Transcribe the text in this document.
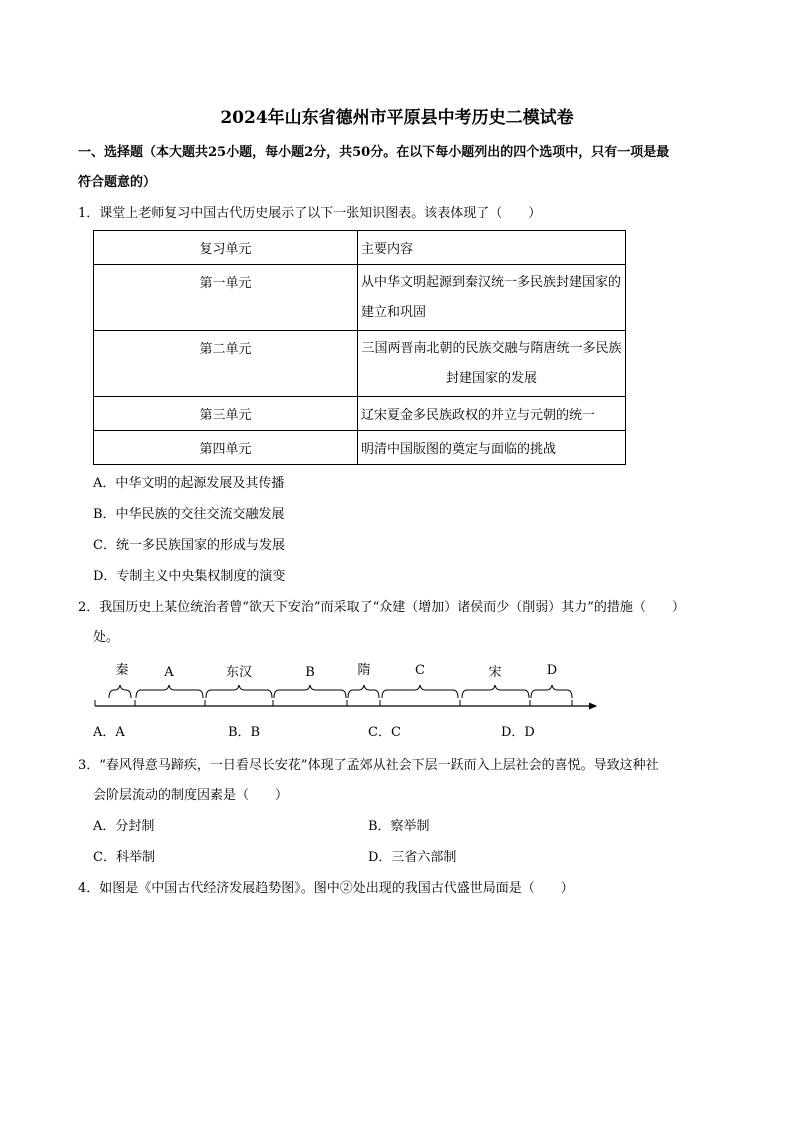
2024年山东省德州市平原县中考历史二模试卷
一、选择题（本大题共25小题，每小题2分，共50分。在以下每小题列出的四个选项中，只有一项是最
符合题意的）
1．课堂上老师复习中国古代历史展示了以下一张知识图表。该表体现了（　　）
复习单元	主要内容
第一单元	从中华文明起源到秦汉统一多民族封建国家的建立和巩固
第二单元	三国两晋南北朝的民族交融与隋唐统一多民族封建国家的发展
第三单元	辽宋夏金多民族政权的并立与元朝的统一
第四单元	明清中国版图的奠定与面临的挑战
A．中华文明的起源发展及其传播
B．中华民族的交往交流交融发展
C．统一多民族国家的形成与发展
D．专制主义中央集权制度的演变
2．我国历史上某位统治者曾“欲天下安治”而采取了“众建（增加）诸侯而少（削弱）其力”的措施（　　）
处。
秦	A	东汉	B	隋	C	宋	D
A．A	B．B	C．C	D．D
3．“春风得意马蹄疾，一日看尽长安花”体现了孟郊从社会下层一跃而入上层社会的喜悦。导致这种社
会阶层流动的制度因素是（　　）
A．分封制	B．察举制
C．科举制	D．三省六部制
4．如图是《中国古代经济发展趋势图》。图中②处出现的我国古代盛世局面是（　　）
